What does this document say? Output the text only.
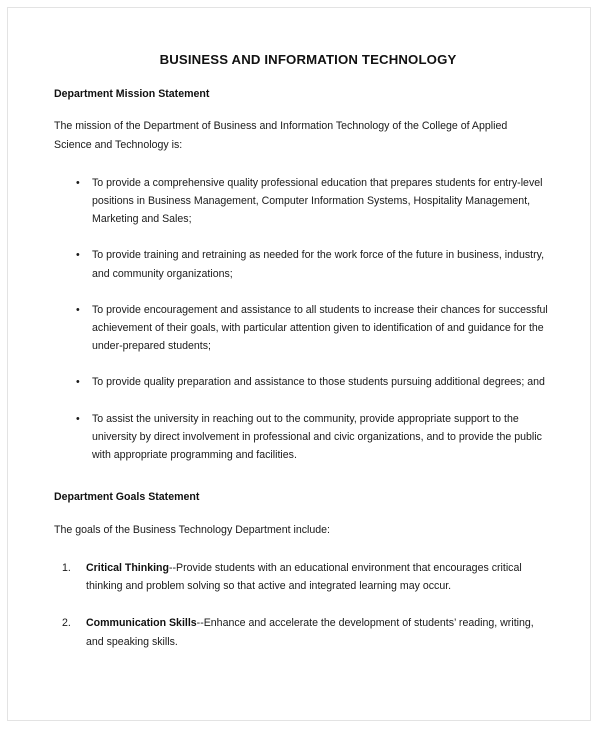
BUSINESS AND INFORMATION TECHNOLOGY
Department Mission Statement

The mission of the Department of Business and Information Technology of the College of Applied Science and Technology is:

• To provide a comprehensive quality professional education that prepares students for entry-level positions in Business Management, Computer Information Systems, Hospitality Management, Marketing and Sales;
• To provide training and retraining as needed for the work force of the future in business, industry, and community organizations;
• To provide encouragement and assistance to all students to increase their chances for successful achievement of their goals, with particular attention given to identification of and guidance for the under-prepared students;
• To provide quality preparation and assistance to those students pursuing additional degrees; and
• To assist the university in reaching out to the community, provide appropriate support to the university by direct involvement in professional and civic organizations, and to provide the public with appropriate programming and facilities.
Department Goals Statement

The goals of the Business Technology Department include:

1. Critical Thinking--Provide students with an educational environment that encourages critical thinking and problem solving so that active and integrated learning may occur.
2. Communication Skills--Enhance and accelerate the development of students’ reading, writing, and speaking skills.
